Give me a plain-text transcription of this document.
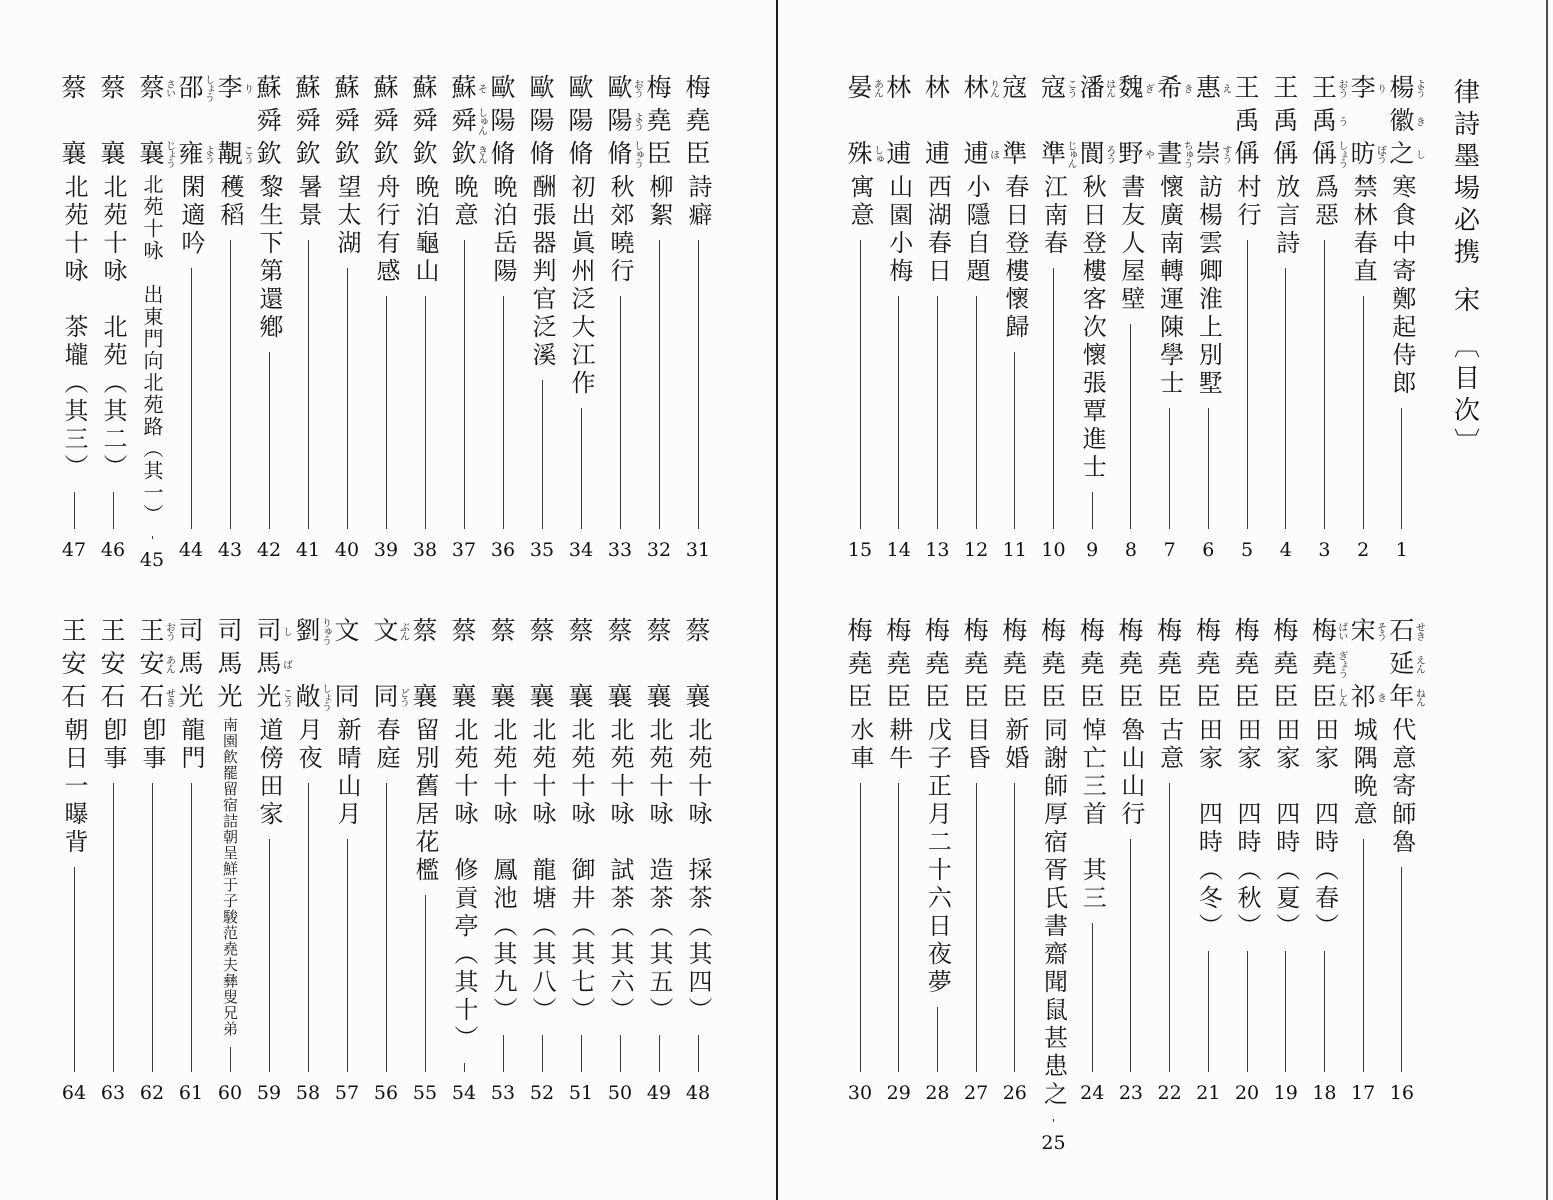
梅
堯
臣
詩癖
31
梅
堯
臣
柳絮
32
歐
おう
陽
よう
脩
しゅう
秋郊曉行
33
歐
陽
脩
初出眞州泛大江作
34
歐
陽
脩
酬張器判官泛溪
35
歐
陽
脩
晩泊岳陽
36
蘇
そ
舜
しゅん
欽
きん
晩意
37
蘇
舜
欽
晩泊龜山
38
蘇
舜
欽
舟行有感
39
蘇
舜
欽
望太湖
40
蘇
舜
欽
暑景
41
蘇
舜
欽
黎生下第還鄕
42
李
り
覯
こう
穫稻
43
邵
しょう
雍
よう
閑適吟
44
蔡
さい
襄
じょう
北苑十咏　出東門向北苑路（其一）
45
蔡
襄
北苑十咏　北苑（其二）
46
蔡
襄
北苑十咏　茶壠（其三）
47
蔡
襄
北苑十咏　採茶（其四）
48
蔡
襄
北苑十咏　造茶（其五）
49
蔡
襄
北苑十咏　試茶（其六）
50
蔡
襄
北苑十咏　御井（其七）
51
蔡
襄
北苑十咏　龍塘（其八）
52
蔡
襄
北苑十咏　鳳池（其九）
53
蔡
襄
北苑十咏　修貢亭（其十）
54
蔡
襄
留別舊居花檻
55
文
ぶん
同
どう
春庭
56
文
同
新晴山月
57
劉
りゅう
敞
しょう
月夜
58
司
し
馬
ば
光
こう
道傍田家
59
司
馬
光
南園飮罷留宿詰朝呈鮮于子駿范堯夫彝叟兄弟
60
司
馬
光
龍門
61
王
おう
安
あん
石
せき
卽事
62
王
安
石
卽事
63
王
安
石
朝日一曝背
64
律詩墨場必携
宋
〔目次〕
楊
よう
徽
き
之
し
寒食中寄鄭起侍郎
1
李
り
昉
ぼう
禁林春直
2
王
おう
禹
う
偁
しょう
爲惡
3
王
禹
偁
放言詩
4
王
禹
偁
村行
5
惠
え
崇
すう
訪楊雲卿淮上別墅
6
希
き
晝
ちゅう
懷廣南轉運陳學士
7
魏
ぎ
野
や
書友人屋壁
8
潘
はん
閬
ろう
秋日登樓客次懷張覃進士
9
寇
こう
準
じゅん
江南春
10
寇
準
春日登樓懷歸
11
林
りん
逋
ほ
小隱自題
12
林
逋
西湖春日
13
林
逋
山園小梅
14
晏
あん
殊
しゅ
寓意
15
石
せき
延
えん
年
ねん
代意寄師魯
16
宋
そう
祁
き
城隅晩意
17
梅
ばい
堯
ぎょう
臣
しん
田家　四時（春）
18
梅
堯
臣
田家　四時（夏）
19
梅
堯
臣
田家　四時（秋）
20
梅
堯
臣
田家　四時（冬）
21
梅
堯
臣
古意
22
梅
堯
臣
魯山山行
23
梅
堯
臣
悼亡三首　其三
24
梅
堯
臣
同謝師厚宿胥氏書齋聞鼠甚患之
25
梅
堯
臣
新婚
26
梅
堯
臣
目昏
27
梅
堯
臣
戊子正月二十六日夜夢
28
梅
堯
臣
耕牛
29
梅
堯
臣
水車
30
